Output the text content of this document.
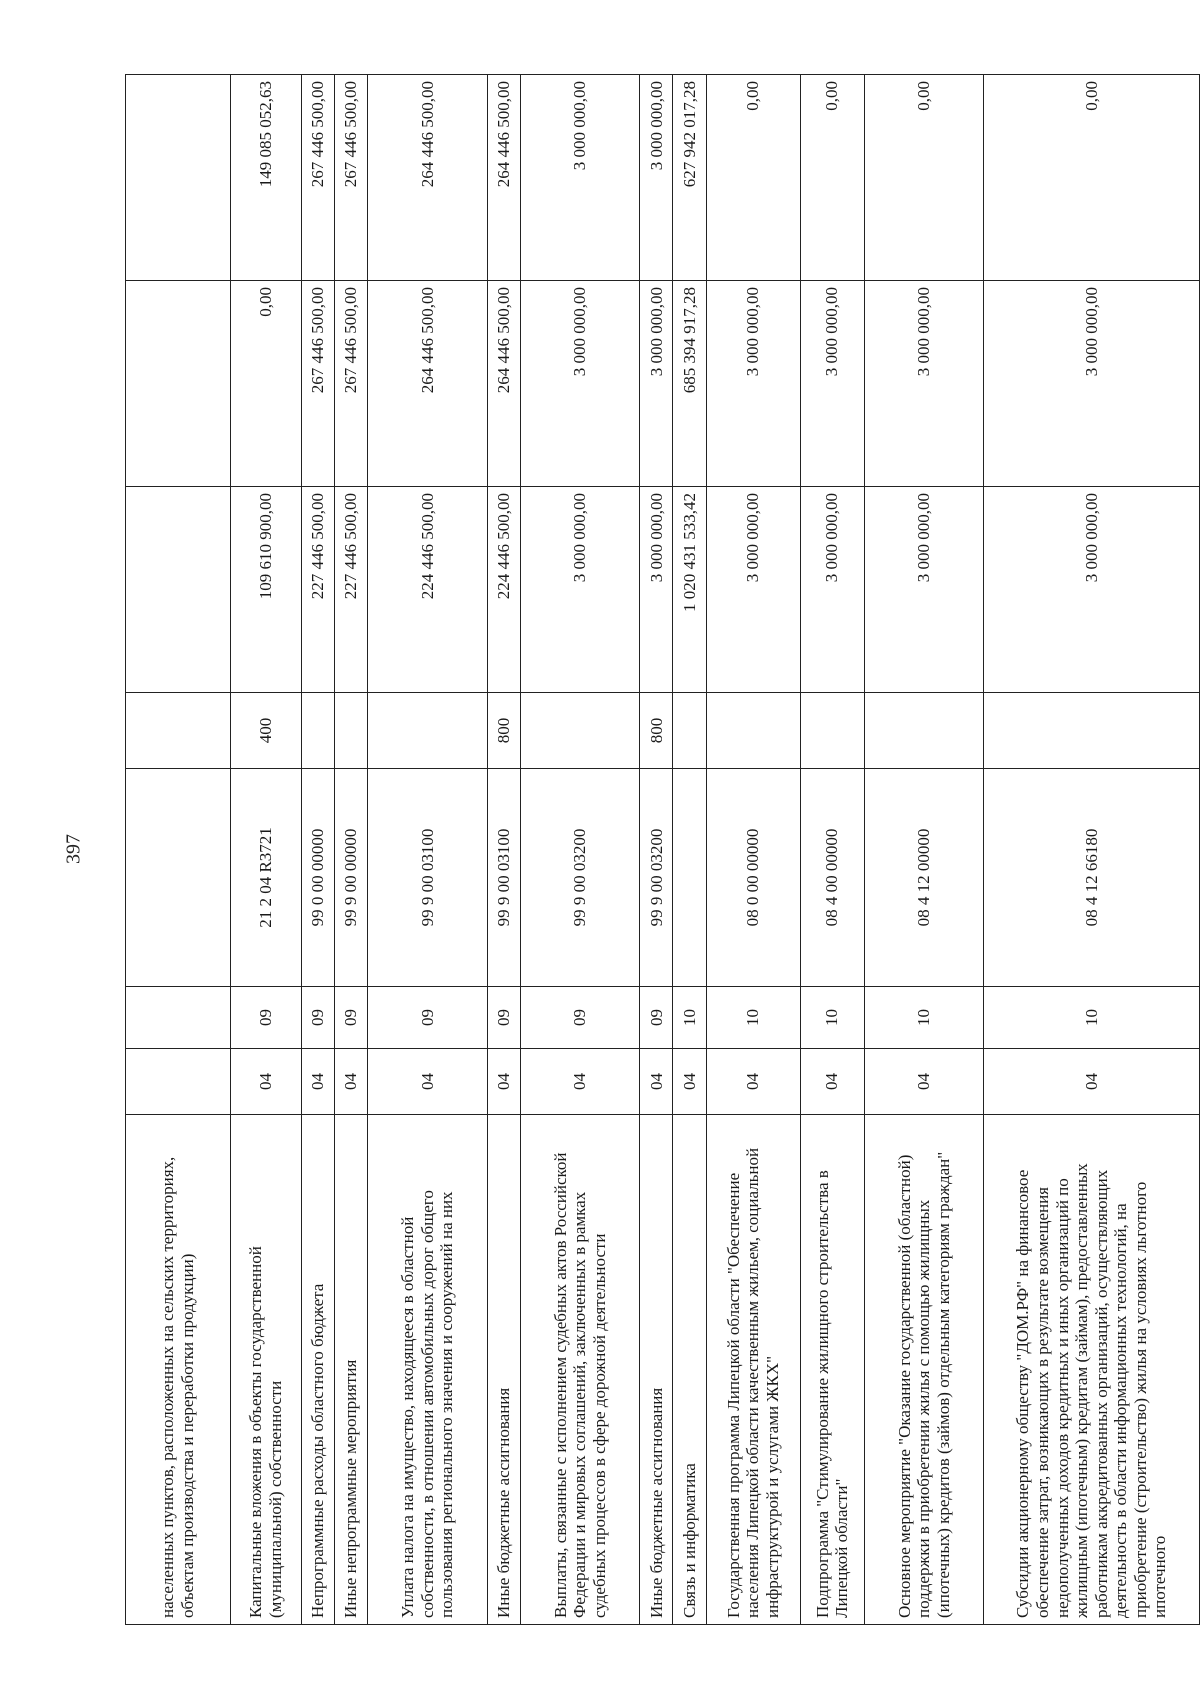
397
населенных пунктов, расположенных на сельских территориях, объектам производства и переработки продукции)							
Капитальные вложения в объекты государственной (муниципальной) собственности	04	09	21 2 04 R3721	400	109 610 900,00	0,00	149 085 052,63
Непрограммные расходы областного бюджета	04	09	99 0 00 00000		227 446 500,00	267 446 500,00	267 446 500,00
Иные непрограммные мероприятия	04	09	99 9 00 00000		227 446 500,00	267 446 500,00	267 446 500,00
Уплата налога на имущество, находящееся в областной собственности, в отношении автомобильных дорог общего пользования регионального значения и сооружений на них	04	09	99 9 00 03100		224 446 500,00	264 446 500,00	264 446 500,00
Иные бюджетные ассигнования	04	09	99 9 00 03100	800	224 446 500,00	264 446 500,00	264 446 500,00
Выплаты, связанные с исполнением судебных актов Российской Федерации и мировых соглашений, заключенных в рамках судебных процессов в сфере дорожной деятельности	04	09	99 9 00 03200		3 000 000,00	3 000 000,00	3 000 000,00
Иные бюджетные ассигнования	04	09	99 9 00 03200	800	3 000 000,00	3 000 000,00	3 000 000,00
Связь и информатика	04	10			1 020 431 533,42	685 394 917,28	627 942 017,28
Государственная программа Липецкой области "Обеспечение населения Липецкой области качественным жильем, социальной инфраструктурой и услугами ЖКХ"	04	10	08 0 00 00000		3 000 000,00	3 000 000,00	0,00
Подпрограмма "Стимулирование жилищного строительства в Липецкой области"	04	10	08 4 00 00000		3 000 000,00	3 000 000,00	0,00
Основное мероприятие "Оказание государственной (областной) поддержки в приобретении жилья с помощью жилищных (ипотечных) кредитов (займов) отдельным категориям граждан"	04	10	08 4 12 00000		3 000 000,00	3 000 000,00	0,00
Субсидии акционерному обществу "ДОМ.РФ" на финансовое обеспечение затрат, возникающих в результате возмещения недополученных доходов кредитных и иных организаций по жилищным (ипотечным) кредитам (займам), предоставленных работникам аккредитованных организаций, осуществляющих деятельность в области информационных технологий, на приобретение (строительство) жилья на условиях льготного ипотечного	04	10	08 4 12 66180		3 000 000,00	3 000 000,00	0,00
